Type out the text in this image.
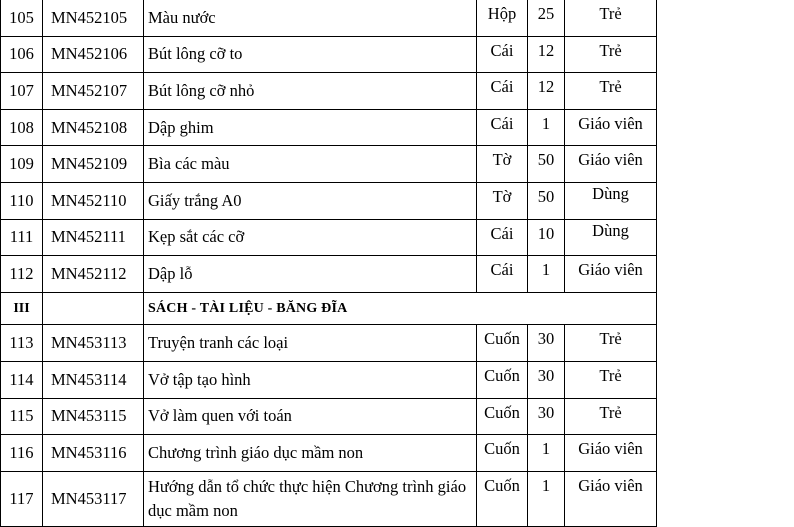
105	MN452105	Màu nước	Hộp	25	Trẻ	
106	MN452106	Bút lông cỡ to	Cái	12	Trẻ	
107	MN452107	Bút lông cỡ nhỏ	Cái	12	Trẻ	
108	MN452108	Dập ghim	Cái	1	Giáo viên	
109	MN452109	Bìa các màu	Tờ	50	Giáo viên	
110	MN452110	Giấy trắng A0	Tờ	50	Dùng	
111	MN452111	Kẹp sắt các cỡ	Cái	10	Dùng	
112	MN452112	Dập lỗ	Cái	1	Giáo viên	
III		SÁCH - TÀI LIỆU - BĂNG ĐĨA				
113	MN453113	Truyện tranh các loại	Cuốn	30	Trẻ	
114	MN453114	Vở tập tạo hình	Cuốn	30	Trẻ	
115	MN453115	Vở làm quen với toán	Cuốn	30	Trẻ	
116	MN453116	Chương trình giáo dục mầm non	Cuốn	1	Giáo viên	
117	MN453117	Hướng dẫn tổ chức thực hiện Chương trình giáo dục mầm non	Cuốn	1	Giáo viên	
